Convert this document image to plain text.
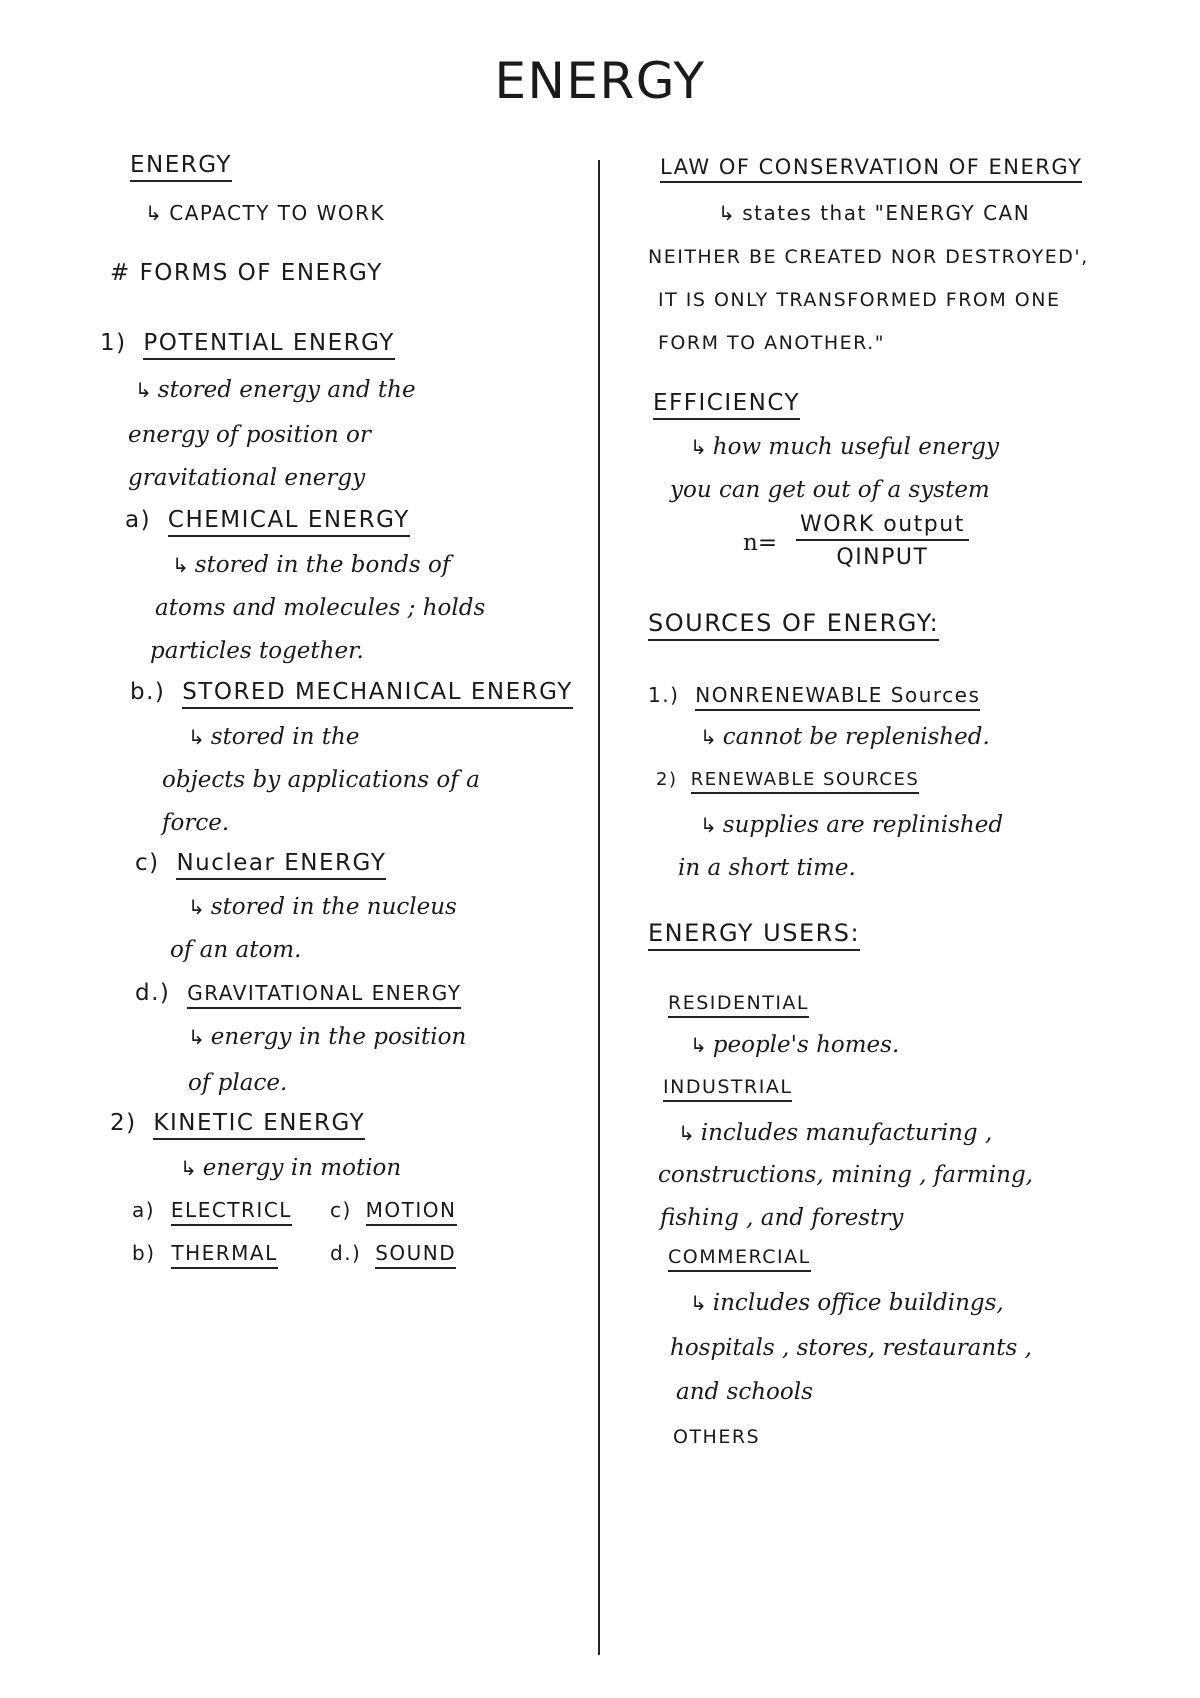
ENERGY
ENERGY
↳ CAPACTY TO WORK
# FORMS OF ENERGY
1) POTENTIAL ENERGY
↳ stored energy and the
energy of position or
gravitational energy
a) CHEMICAL ENERGY
↳ stored in the bonds of
atoms and molecules ; holds
particles together.
b.) STORED MECHANICAL ENERGY
↳ stored in the
objects by applications of a
force.
c) Nuclear ENERGY
↳ stored in the nucleus
of an atom.
d.) GRAVITATIONAL ENERGY
↳ energy in the position
of place.
2) KINETIC ENERGY
↳ energy in motion
a) ELECTRICL
b) THERMAL
c) MOTION
d.) SOUND
LAW OF CONSERVATION OF ENERGY
↳ states that "ENERGY CAN
NEITHER BE CREATED NOR DESTROYED',
IT IS ONLY TRANSFORMED FROM ONE
FORM TO ANOTHER."
EFFICIENCY
↳ how much useful energy
you can get out of a system
n=
WORK output
QINPUT
SOURCES OF ENERGY:
1.) NONRENEWABLE Sources
↳ cannot be replenished.
2) RENEWABLE SOURCES
↳ supplies are replinished
in a short time.
ENERGY USERS:
RESIDENTIAL
↳ people's homes.
INDUSTRIAL
↳ includes manufacturing ,
constructions, mining , farming,
fishing , and forestry
COMMERCIAL
↳ includes office buildings,
hospitals , stores, restaurants ,
and schools
OTHERS
